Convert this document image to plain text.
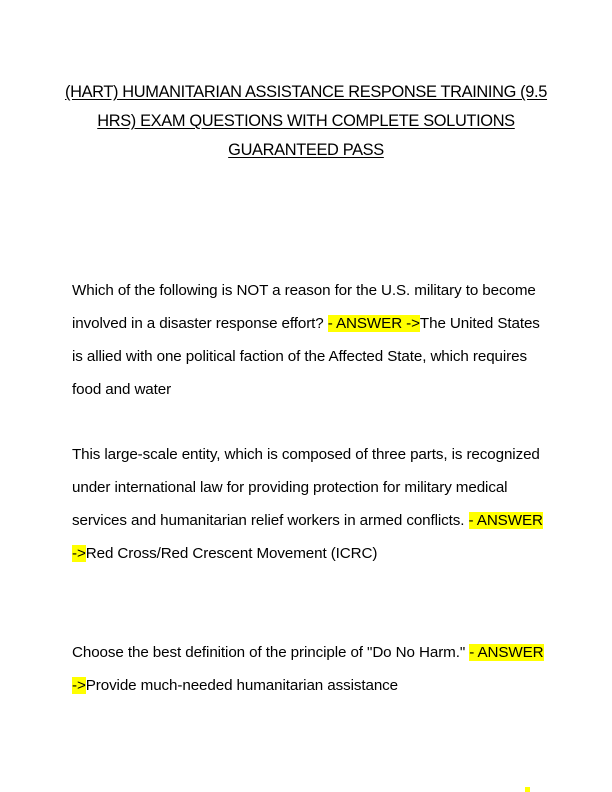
(HART) HUMANITARIAN ASSISTANCE RESPONSE TRAINING (9.5 HRS) EXAM QUESTIONS WITH COMPLETE SOLUTIONS GUARANTEED PASS

Which of the following is NOT a reason for the U.S. military to become involved in a disaster response effort? - ANSWER ->The United States is allied with one political faction of the Affected State, which requires food and water

This large-scale entity, which is composed of three parts, is recognized under international law for providing protection for military medical services and humanitarian relief workers in armed conflicts. - ANSWER ->Red Cross/Red Crescent Movement (ICRC)

Choose the best definition of the principle of "Do No Harm." - ANSWER ->Provide much-needed humanitarian assistance
